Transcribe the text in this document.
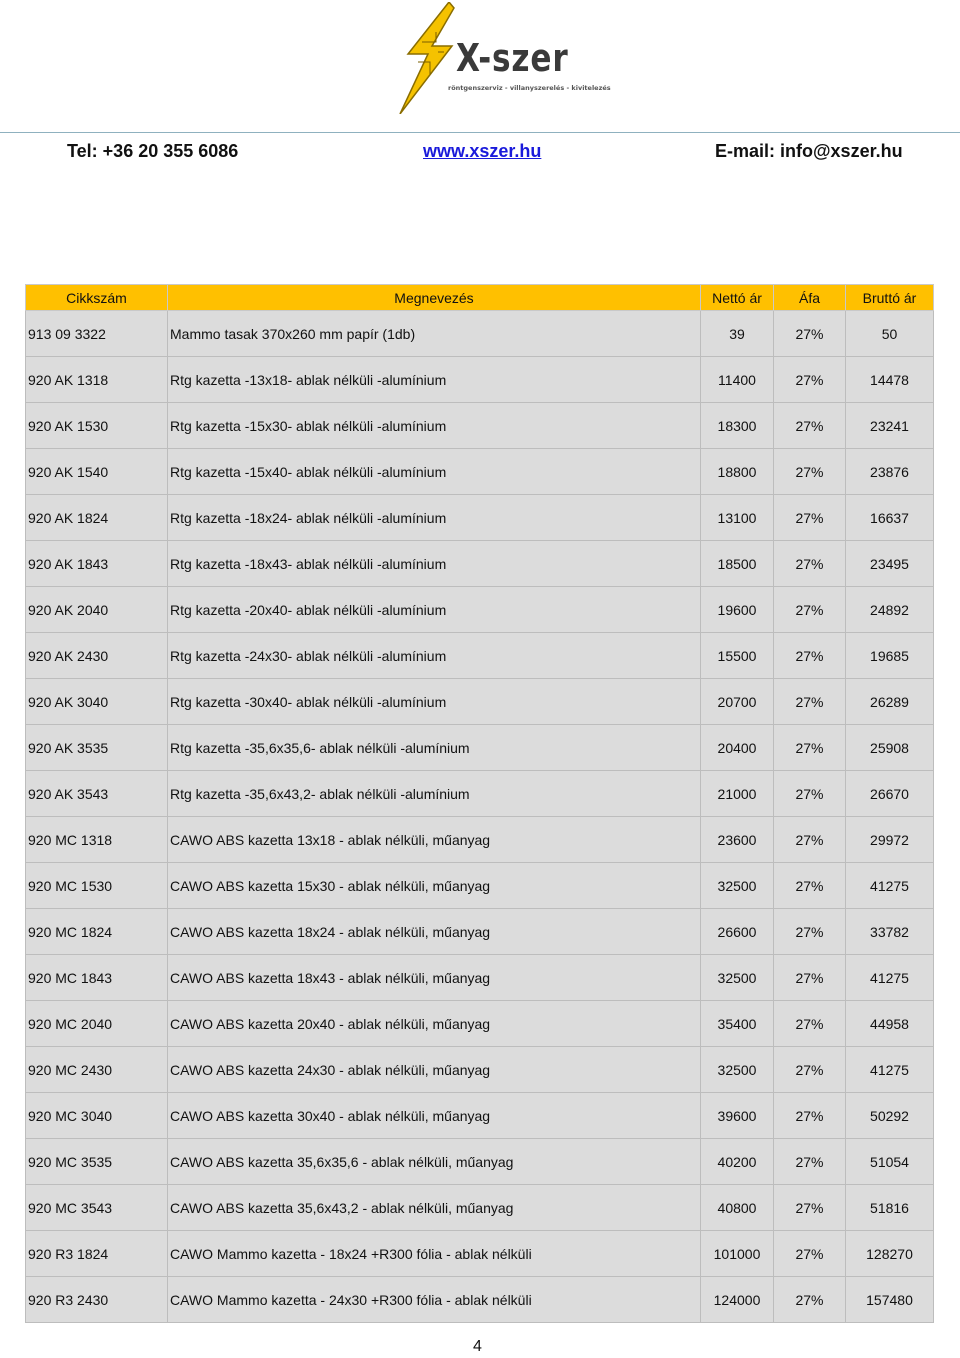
X-szer
röntgenszerviz - villanyszerelés - kivitelezés
Tel: +36 20 355 6086	www.xszer.hu	E-mail: info@xszer.hu
Cikkszám	Megnevezés	Nettó ár	Áfa	Bruttó ár
913 09 3322	Mammo tasak 370x260 mm papír (1db)	39	27%	50
920 AK 1318	Rtg kazetta -13x18- ablak nélküli -alumínium	11400	27%	14478
920 AK 1530	Rtg kazetta -15x30- ablak nélküli -alumínium	18300	27%	23241
920 AK 1540	Rtg kazetta -15x40- ablak nélküli -alumínium	18800	27%	23876
920 AK 1824	Rtg kazetta -18x24- ablak nélküli -alumínium	13100	27%	16637
920 AK 1843	Rtg kazetta -18x43- ablak nélküli -alumínium	18500	27%	23495
920 AK 2040	Rtg kazetta -20x40- ablak nélküli -alumínium	19600	27%	24892
920 AK 2430	Rtg kazetta -24x30- ablak nélküli -alumínium	15500	27%	19685
920 AK 3040	Rtg kazetta -30x40- ablak nélküli -alumínium	20700	27%	26289
920 AK 3535	Rtg kazetta -35,6x35,6- ablak nélküli -alumínium	20400	27%	25908
920 AK 3543	Rtg kazetta -35,6x43,2- ablak nélküli -alumínium	21000	27%	26670
920 MC 1318	CAWO ABS kazetta 13x18 - ablak nélküli, műanyag	23600	27%	29972
920 MC 1530	CAWO ABS kazetta 15x30 - ablak nélküli, műanyag	32500	27%	41275
920 MC 1824	CAWO ABS kazetta 18x24 - ablak nélküli, műanyag	26600	27%	33782
920 MC 1843	CAWO ABS kazetta 18x43 - ablak nélküli, műanyag	32500	27%	41275
920 MC 2040	CAWO ABS kazetta 20x40 - ablak nélküli, műanyag	35400	27%	44958
920 MC 2430	CAWO ABS kazetta 24x30 - ablak nélküli, műanyag	32500	27%	41275
920 MC 3040	CAWO ABS kazetta 30x40 - ablak nélküli, műanyag	39600	27%	50292
920 MC 3535	CAWO ABS kazetta 35,6x35,6 - ablak nélküli, műanyag	40200	27%	51054
920 MC 3543	CAWO ABS kazetta 35,6x43,2 - ablak nélküli, műanyag	40800	27%	51816
920 R3 1824	CAWO Mammo kazetta - 18x24 +R300 fólia - ablak nélküli	101000	27%	128270
920 R3 2430	CAWO Mammo kazetta - 24x30 +R300 fólia - ablak nélküli	124000	27%	157480
4
